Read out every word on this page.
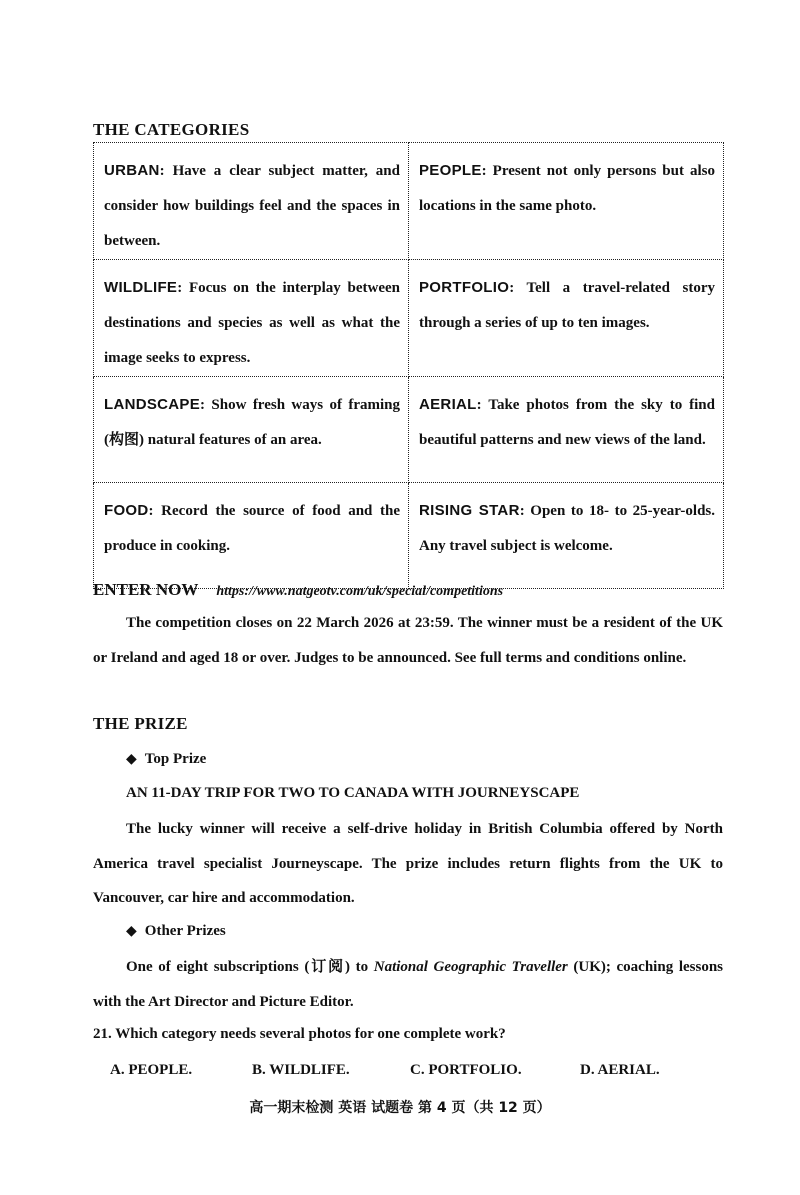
THE CATEGORIES
URBAN: Have a clear subject matter, and consider how buildings feel and the spaces in between.	PEOPLE: Present not only persons but also locations in the same photo.
WILDLIFE: Focus on the interplay between destinations and species as well as what the image seeks to express.	PORTFOLIO: Tell a travel-related story through a series of up to ten images.
LANDSCAPE: Show fresh ways of framing (构图) natural features of an area.	AERIAL: Take photos from the sky to find beautiful patterns and new views of the land.
FOOD: Record the source of food and the produce in cooking.	RISING STAR: Open to 18- to 25-year-olds. Any travel subject is welcome.
ENTER NOW https://www.natgeotv.com/uk/special/competitions

The competition closes on 22 March 2026 at 23:59. The winner must be a resident of the UK or Ireland and aged 18 or over. Judges to be announced. See full terms and conditions online.

THE PRIZE

◆ Top Prize

AN 11-DAY TRIP FOR TWO TO CANADA WITH JOURNEYSCAPE

The lucky winner will receive a self-drive holiday in British Columbia offered by North America travel specialist Journeyscape. The prize includes return flights from the UK to Vancouver, car hire and accommodation.

◆ Other Prizes

One of eight subscriptions (订阅) to National Geographic Traveller (UK); coaching lessons with the Art Director and Picture Editor.

21. Which category needs several photos for one complete work?

A. PEOPLE.	B. WILDLIFE.	C. PORTFOLIO.	D. AERIAL.

高一期末检测 英语 试题卷 第 4 页（共 12 页）
